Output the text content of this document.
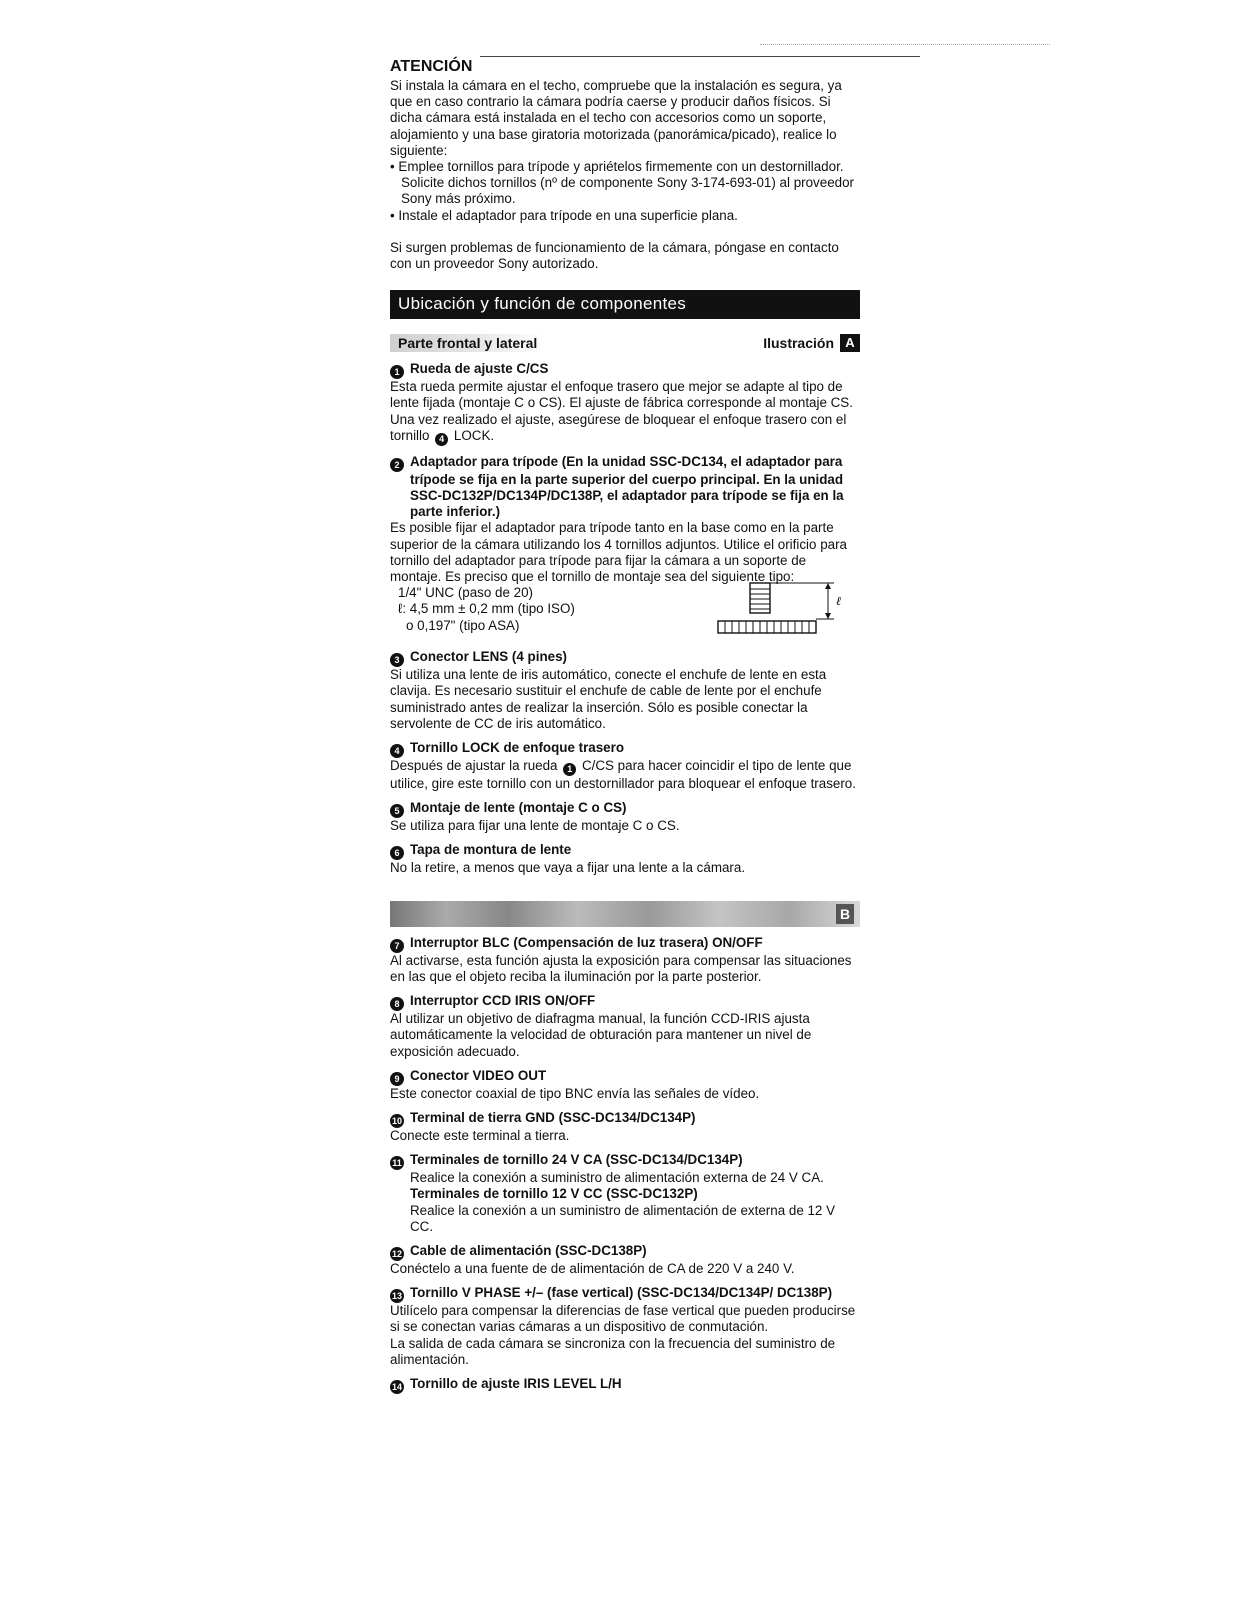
ATENCIÓN

Si instala la cámara en el techo, compruebe que la instalación es segura, ya que en caso contrario la cámara podría caerse y producir daños físicos. Si dicha cámara está instalada en el techo con accesorios como un soporte, alojamiento y una base giratoria motorizada (panorámica/picado), realice lo siguiente:

• Emplee tornillos para trípode y apriételos firmemente con un destornillador. Solicite dichos tornillos (nº de componente Sony 3-174-693-01) al proveedor Sony más próximo.
• Instale el adaptador para trípode en una superficie plana.

Si surgen problemas de funcionamiento de la cámara, póngase en contacto con un proveedor Sony autorizado.

Ubicación y función de componentes
Parte frontal y lateral	Ilustración A
1 Rueda de ajuste C/CS

Esta rueda permite ajustar el enfoque trasero que mejor se adapte al tipo de lente fijada (montaje C o CS). El ajuste de fábrica corresponde al montaje CS. Una vez realizado el ajuste, asegúrese de bloquear el enfoque trasero con el tornillo 4 LOCK.

2 Adaptador para trípode (En la unidad SSC-DC134, el adaptador para trípode se fija en la parte superior del cuerpo principal. En la unidad SSC-DC132P/DC134P/DC138P, el adaptador para trípode se fija en la parte inferior.)

Es posible fijar el adaptador para trípode tanto en la base como en la parte superior de la cámara utilizando los 4 tornillos adjuntos. Utilice el orificio para tornillo del adaptador para trípode para fijar la cámara a un soporte de montaje. Es preciso que el tornillo de montaje sea del siguiente tipo:

1/4" UNC (paso de 20)

ℓ: 4,5 mm ± 0,2 mm (tipo ISO)

o 0,197" (tipo ASA)

ℓ
3 Conector LENS (4 pines)

Si utiliza una lente de iris automático, conecte el enchufe de lente en esta clavija. Es necesario sustituir el enchufe de cable de lente por el enchufe suministrado antes de realizar la inserción. Sólo es posible conectar la servolente de CC de iris automático.

4 Tornillo LOCK de enfoque trasero

Después de ajustar la rueda 1 C/CS para hacer coincidir el tipo de lente que utilice, gire este tornillo con un destornillador para bloquear el enfoque trasero.

5 Montaje de lente (montaje C o CS)

Se utiliza para fijar una lente de montaje C o CS.

6 Tapa de montura de lente

No la retire, a menos que vaya a fijar una lente a la cámara.

B
7 Interruptor BLC (Compensación de luz trasera) ON/OFF

Al activarse, esta función ajusta la exposición para compensar las situaciones en las que el objeto reciba la iluminación por la parte posterior.

8 Interruptor CCD IRIS ON/OFF

Al utilizar un objetivo de diafragma manual, la función CCD-IRIS ajusta automáticamente la velocidad de obturación para mantener un nivel de exposición adecuado.

9 Conector VIDEO OUT

Este conector coaxial de tipo BNC envía las señales de vídeo.

10 Terminal de tierra GND (SSC-DC134/DC134P)

Conecte este terminal a tierra.

11 Terminales de tornillo 24 V CA (SSC-DC134/DC134P)

Realice la conexión a suministro de alimentación externa de 24 V CA.

Terminales de tornillo 12 V CC (SSC-DC132P)

Realice la conexión a un suministro de alimentación de externa de 12 V CC.

12 Cable de alimentación (SSC-DC138P)

Conéctelo a una fuente de de alimentación de CA de 220 V a 240 V.

13 Tornillo V PHASE +/– (fase vertical) (SSC-DC134/DC134P/ DC138P)

Utilícelo para compensar la diferencias de fase vertical que pueden producirse si se conectan varias cámaras a un dispositivo de conmutación.

La salida de cada cámara se sincroniza con la frecuencia del suministro de alimentación.

14 Tornillo de ajuste IRIS LEVEL L/H
